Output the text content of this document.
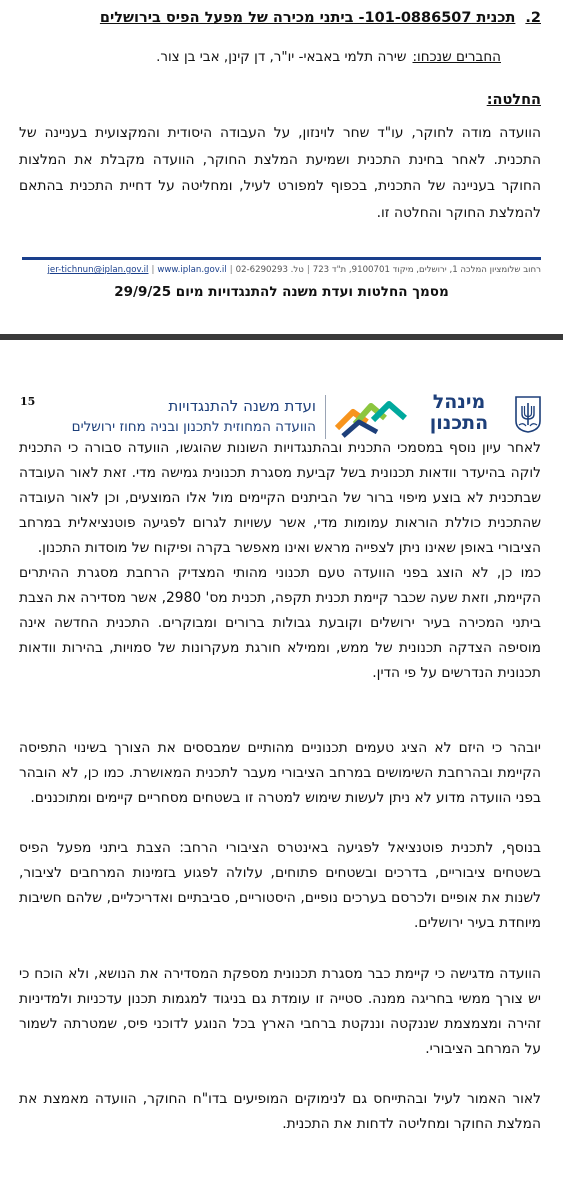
2.תכנית 101-0886507- ביתני מכירה של מפעל הפיס בירושלים
החברים שנכחו:שירה תלמי באבאי- יו"ר, דן קינן, אבי בן צור.
החלטה:
הוועדה מודה לחוקר, עו"ד שחר לוינזון, על העבודה היסודית והמקצועית בעניינה של התכנית. לאחר בחינת התכנית ושמיעת המלצת החוקר, הוועדה מקבלת את המלצות החוקר בעניינה של התכנית, בכפוף למפורט לעיל, ומחליטה על דחיית התכנית בהתאם להמלצת החוקר והחלטה זו.
רחוב שלומציון המלכה 1, ירושלים, מיקוד 9100701, ת"ד 723|טל. 02-6290293|jer-tichnun@iplan.gov.il | www.iplan.gov.il
מסמך החלטות ועדת משנה להתנגדויות מיום 29/9/25
מינהל
התכנון
ועדת משנה להתנגדויות
הוועדה המחוזית לתכנון ובניה מחוז ירושלים
15

לאחר עיון נוסף במסמכי התכנית ובהתנגדויות השונות שהוגשו, הוועדה סבורה כי התכנית לוקה בהיעדר וודאות תכנונית בשל קביעת מסגרת תכנונית גמישה מדי. זאת לאור העובדה שבתכנית לא בוצע מיפוי ברור של הביתנים הקיימים מול אלו המוצעים, וכן לאור העובדה שהתכנית כוללת הוראות עמומות מדי, אשר עשויות לגרום לפגיעה פוטנציאלית במרחב הציבורי באופן שאינו ניתן לצפייה מראש ואינו מאפשר בקרה ופיקוח של מוסדות התכנון.

כמו כן, לא הוצג בפני הוועדה טעם תכנוני מהותי המצדיק הרחבת מסגרת ההיתרים הקיימת, וזאת שעה שכבר קיימת תכנית תקפה, תכנית מס' 2980, אשר מסדירה את הצבת ביתני המכירה בעיר ירושלים וקובעת גבולות ברורים ומבוקרים. התכנית החדשה אינה מוסיפה הצדקה תכנונית של ממש, וממילא חורגת מעקרונות של סמויות, בהירות וודאות תכנונית הנדרשים על פי הדין.

יובהר כי היזם לא הציג טעמים תכנוניים מהותיים שמבססים את הצורך בשינוי התפיסה הקיימת ובהרחבת השימושים במרחב הציבורי מעבר לתכנית המאושרת. כמו כן, לא הובהר בפני הוועדה מדוע לא ניתן לעשות שימוש למטרה זו בשטחים מסחריים קיימים ומתוכננים.

בנוסף, לתכנית פוטנציאל לפגיעה באינטרס הציבורי הרחב: הצבת ביתני מפעל הפיס בשטחים ציבוריים, בדרכים ובשטחים פתוחים, עלולה לפגוע בזמינות המרחבים לציבור, לשנות את אופיים ולכרסם בערכים נופיים, היסטוריים, סביבתיים ואדריכליים, שלהם חשיבות מיוחדת בעיר ירושלים.

הוועדה מדגישה כי קיימת כבר מסגרת תכנונית מספקת המסדירה את הנושא, ולא הוכח כי יש צורך ממשי בחריגה ממנה. סטייה זו עומדת גם בניגוד למגמות תכנון עדכניות ולמדיניות זהירה ומצמצמת שננקטה וננקטת ברחבי הארץ בכל הנוגע לדוכני פיס, שמטרתה לשמור על המרחב הציבורי.

לאור האמור לעיל ובהתייחס גם לנימוקים המופיעים בדו"ח החוקר, הוועדה מאמצת את המלצת החוקר ומחליטה לדחות את התכנית.
